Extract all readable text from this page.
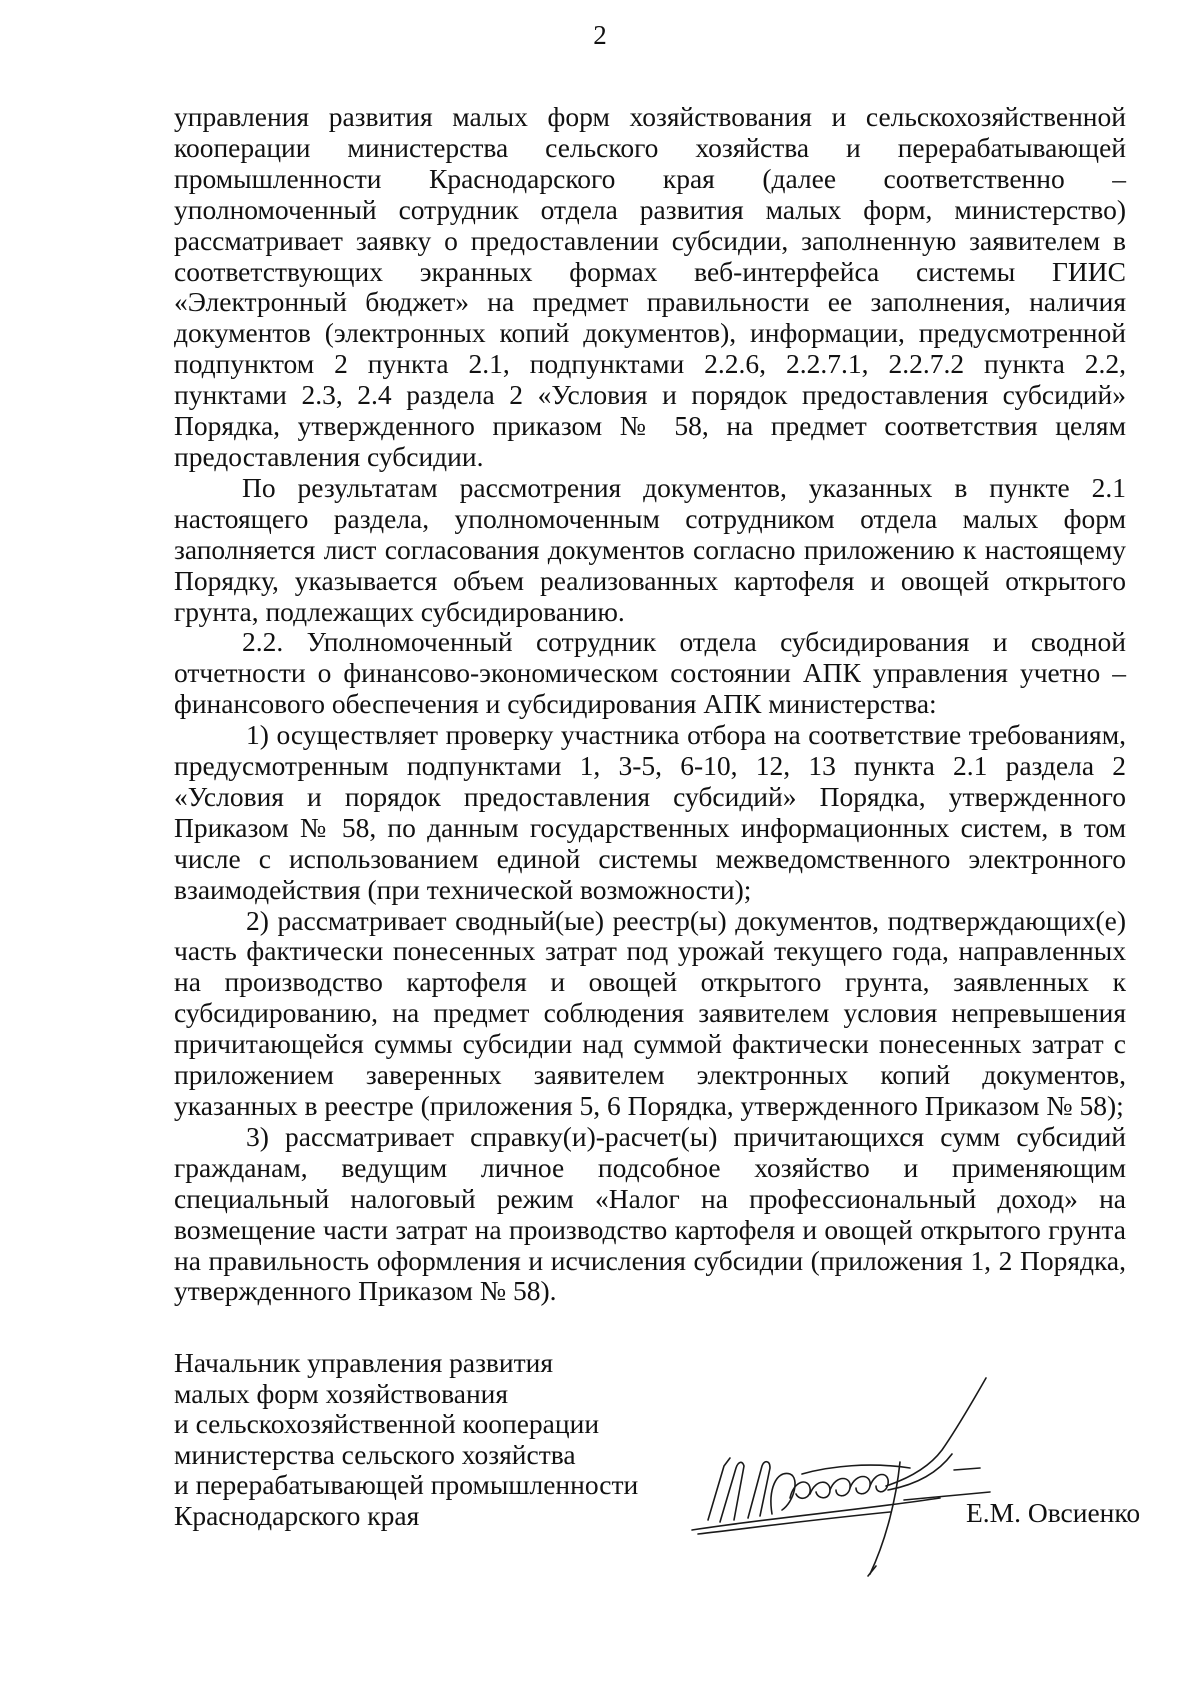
2

управления развития малых форм хозяйствования и сельскохозяйственной кооперации министерства сельского хозяйства и перерабатывающей промышленности Краснодарского края (далее соответственно – уполномоченный сотрудник отдела развития малых форм, министерство) рассматривает заявку о предоставлении субсидии, заполненную заявителем в соответствующих экранных формах веб-интерфейса системы ГИИС «Электронный бюджет» на предмет правильности ее заполнения, наличия документов (электронных копий документов), информации, предусмотренной подпунктом 2 пункта 2.1, подпунктами 2.2.6, 2.2.7.1, 2.2.7.2 пункта 2.2, пунктами 2.3, 2.4 раздела 2 «Условия и порядок предоставления субсидий» Порядка, утвержденного приказом № 58, на предмет соответствия целям предоставления субсидии.

По результатам рассмотрения документов, указанных в пункте 2.1 настоящего раздела, уполномоченным сотрудником отдела малых форм заполняется лист согласования документов согласно приложению к настоящему Порядку, указывается объем реализованных картофеля и овощей открытого грунта, подлежащих субсидированию.

2.2. Уполномоченный сотрудник отдела субсидирования и сводной отчетности о финансово-экономическом состоянии АПК управления учетно – финансового обеспечения и субсидирования АПК министерства:

1) осуществляет проверку участника отбора на соответствие требованиям, предусмотренным подпунктами 1, 3-5, 6-10, 12, 13 пункта 2.1 раздела 2 «Условия и порядок предоставления субсидий» Порядка, утвержденного Приказом № 58, по данным государственных информационных систем, в том числе с использованием единой системы межведомственного электронного взаимодействия (при технической возможности);

2) рассматривает сводный(ые) реестр(ы) документов, подтверждающих(е) часть фактически понесенных затрат под урожай текущего года, направленных на производство картофеля и овощей открытого грунта, заявленных к субсидированию, на предмет соблюдения заявителем условия непревышения причитающейся суммы субсидии над суммой фактически понесенных затрат с приложением заверенных заявителем электронных копий документов, указанных в реестре (приложения 5, 6 Порядка, утвержденного Приказом № 58);

3) рассматривает справку(и)-расчет(ы) причитающихся сумм субсидий гражданам, ведущим личное подсобное хозяйство и применяющим специальный налоговый режим «Налог на профессиональный доход» на возмещение части затрат на производство картофеля и овощей открытого грунта на правильность оформления и исчисления субсидии (приложения 1, 2 Порядка, утвержденного Приказом № 58).

Начальник управления развития
малых форм хозяйствования
и сельскохозяйственной кооперации
министерства сельского хозяйства
и перерабатывающей промышленности
Краснодарского края	Е.М. Овсиенко
